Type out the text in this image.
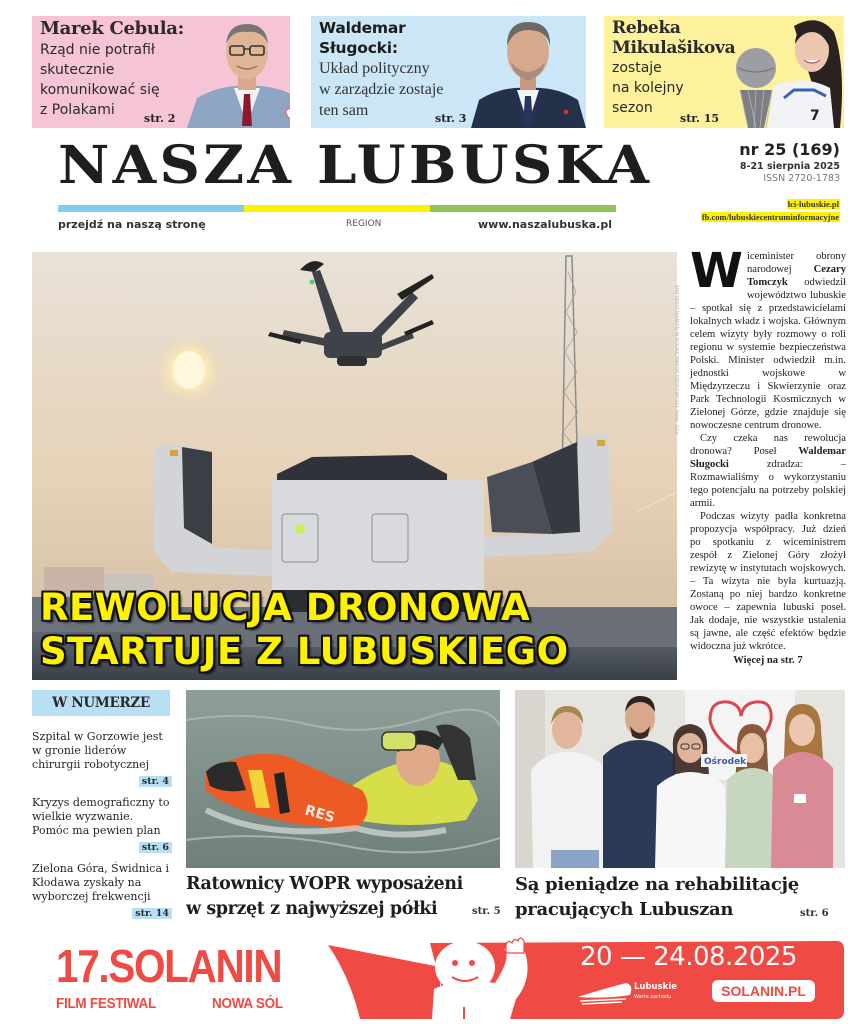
Marek Cebula:
Rząd nie potrafił
skutecznie
komunikować się
z Polakami
str. 2
Waldemar
Sługocki:
Układ polityczny
w zarządzie zostaje
ten sam	str. 3
Rebeka
Mikulašikova
zostaje
na kolejny
sezon	7
str. 15
NASZA LUBUSKA	nr 25 (169)
8-21 sierpnia 2025
ISSN 2720-1783
lci-lubuskie.pl
fb.com/lubuskiecentruminformacyjne
przejdź na naszą stronę	REGION	www.naszalubuska.pl
REWOLUCJA DRONOWA
STARTUJE Z LUBUSKIEGO
FOT. PARK TECHNOLOGII KOSMICZNYCH W NOWYM KISIELINIE

Wiceminister obrony narodowej Cezary Tomczyk odwiedził województwo lubuskie – spotkał się z przedstawicielami lokalnych władz i wojska. Głównym celem wizyty były rozmowy o roli regionu w systemie bezpieczeństwa Polski. Minister odwiedził m.in. jednostki wojskowe w Międzyrzeczu i Skwierzynie oraz Park Technologii Kosmicznych w Zielonej Górze, gdzie znajduje się nowoczesne centrum dronowe.

Czy czeka nas rewolucja dronowa? Poseł Waldemar Sługocki zdradza: – Rozmawialiśmy o wykorzystaniu tego potencjału na potrzeby polskiej armii.

Podczas wizyty padła konkretna propozycja współpracy. Już dzień po spotkaniu z wiceministrem zespół z Zielonej Góry złożył rewizytę w instytutach wojskowych. – Ta wizyta nie była kurtuazją. Zostaną po niej bardzo konkretne owoce – zapewnia lubuski poseł. Jak dodaje, nie wszystkie ustalenia są jawne, ale część efektów będzie widoczna już wkrótce.

Więcej na str. 7

W NUMERZE
Szpital w Gorzowie jest w gronie liderów chirurgii robotycznej
str. 4
Kryzys demograficzny to wielkie wyzwanie. Pomóc ma pewien plan
str. 6
Zielona Góra, Świdnica i Kłodawa zyskały na wyborczej frekwencji
str. 14
RES
Ratownicy WOPR wyposażeni
w sprzęt z najwyższej półki	str. 5
Ośrodek
Są pieniądze na rehabilitację
pracujących Lubuszan	str. 6
17.SOLANIN
FILM FESTIWAL	NOWA SÓL
20 — 24.08.2025
Lubuskie
Warte zachodu	SOLANIN.PL
